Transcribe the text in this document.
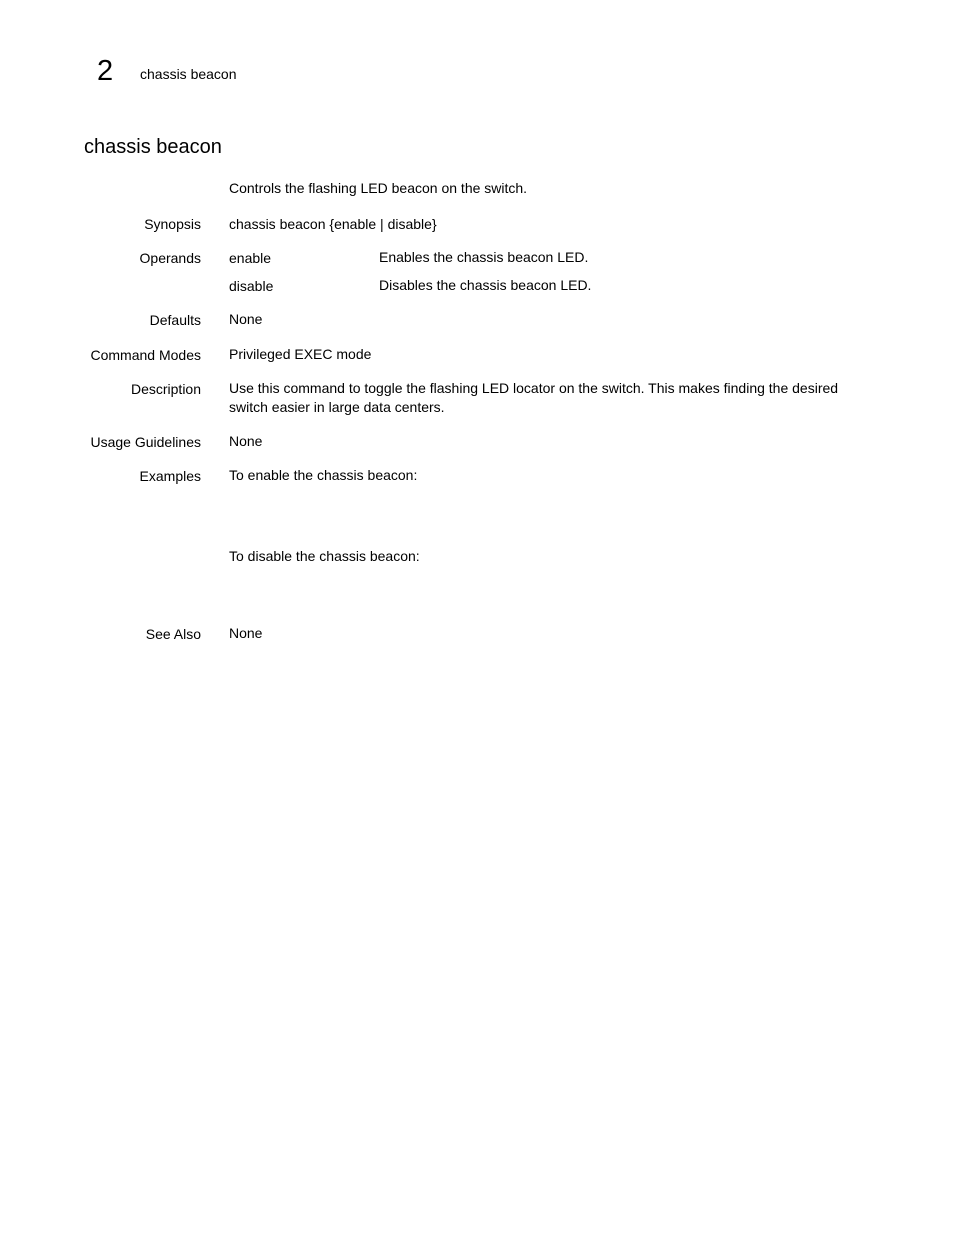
2 chassis beacon
chassis beacon
Controls the flashing LED beacon on the switch.
Synopsis chassis beacon {enable | disable}
Operands enable	Enables the chassis beacon LED.
disable	Disables the chassis beacon LED.
Defaults None
Command Modes Privileged EXEC mode
Description Use this command to toggle the flashing LED locator on the switch. This makes finding the desired switch easier in large data centers.
Usage Guidelines None
Examples To enable the chassis beacon:
To disable the chassis beacon:
See Also None
